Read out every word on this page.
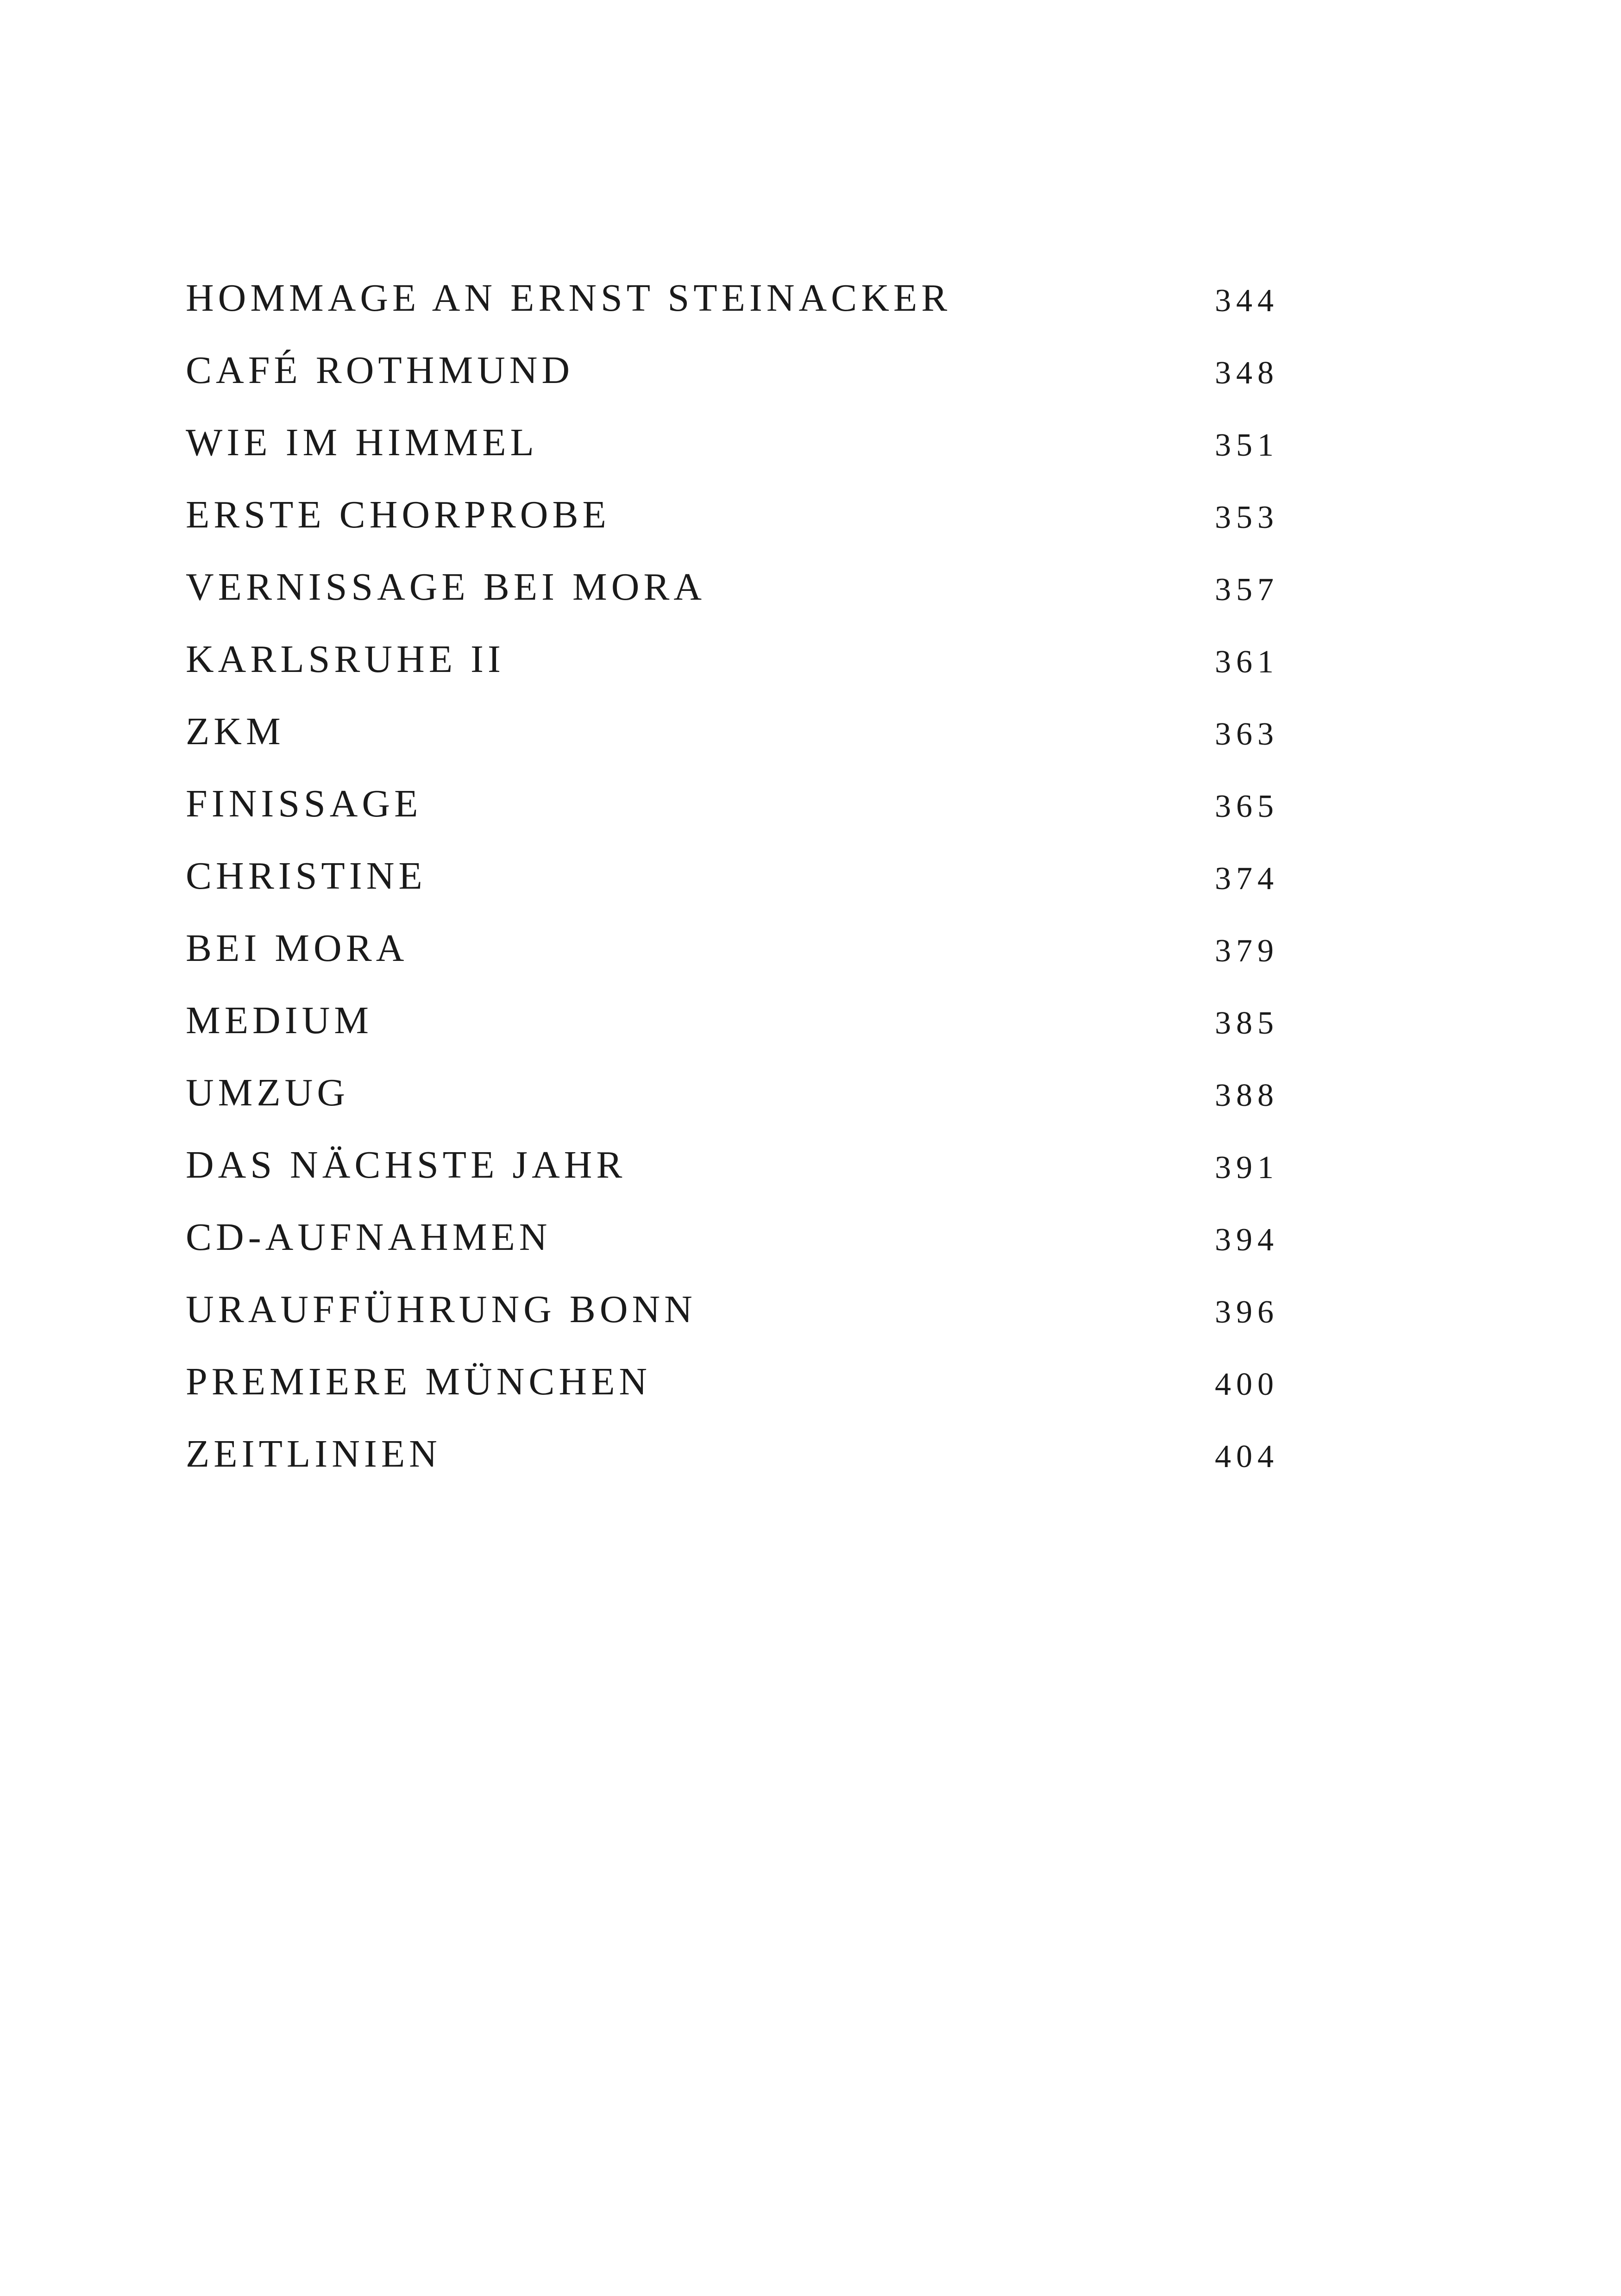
HOMMAGE AN ERNST STEINACKER	344
CAFÉ ROTHMUND	348
WIE IM HIMMEL	351
ERSTE CHORPROBE	353
VERNISSAGE BEI MORA	357
KARLSRUHE II	361
ZKM	363
FINISSAGE	365
CHRISTINE	374
BEI MORA	379
MEDIUM	385
UMZUG	388
DAS NÄCHSTE JAHR	391
CD-AUFNAHMEN	394
URAUFFÜHRUNG BONN	396
PREMIERE MÜNCHEN	400
ZEITLINIEN	404
